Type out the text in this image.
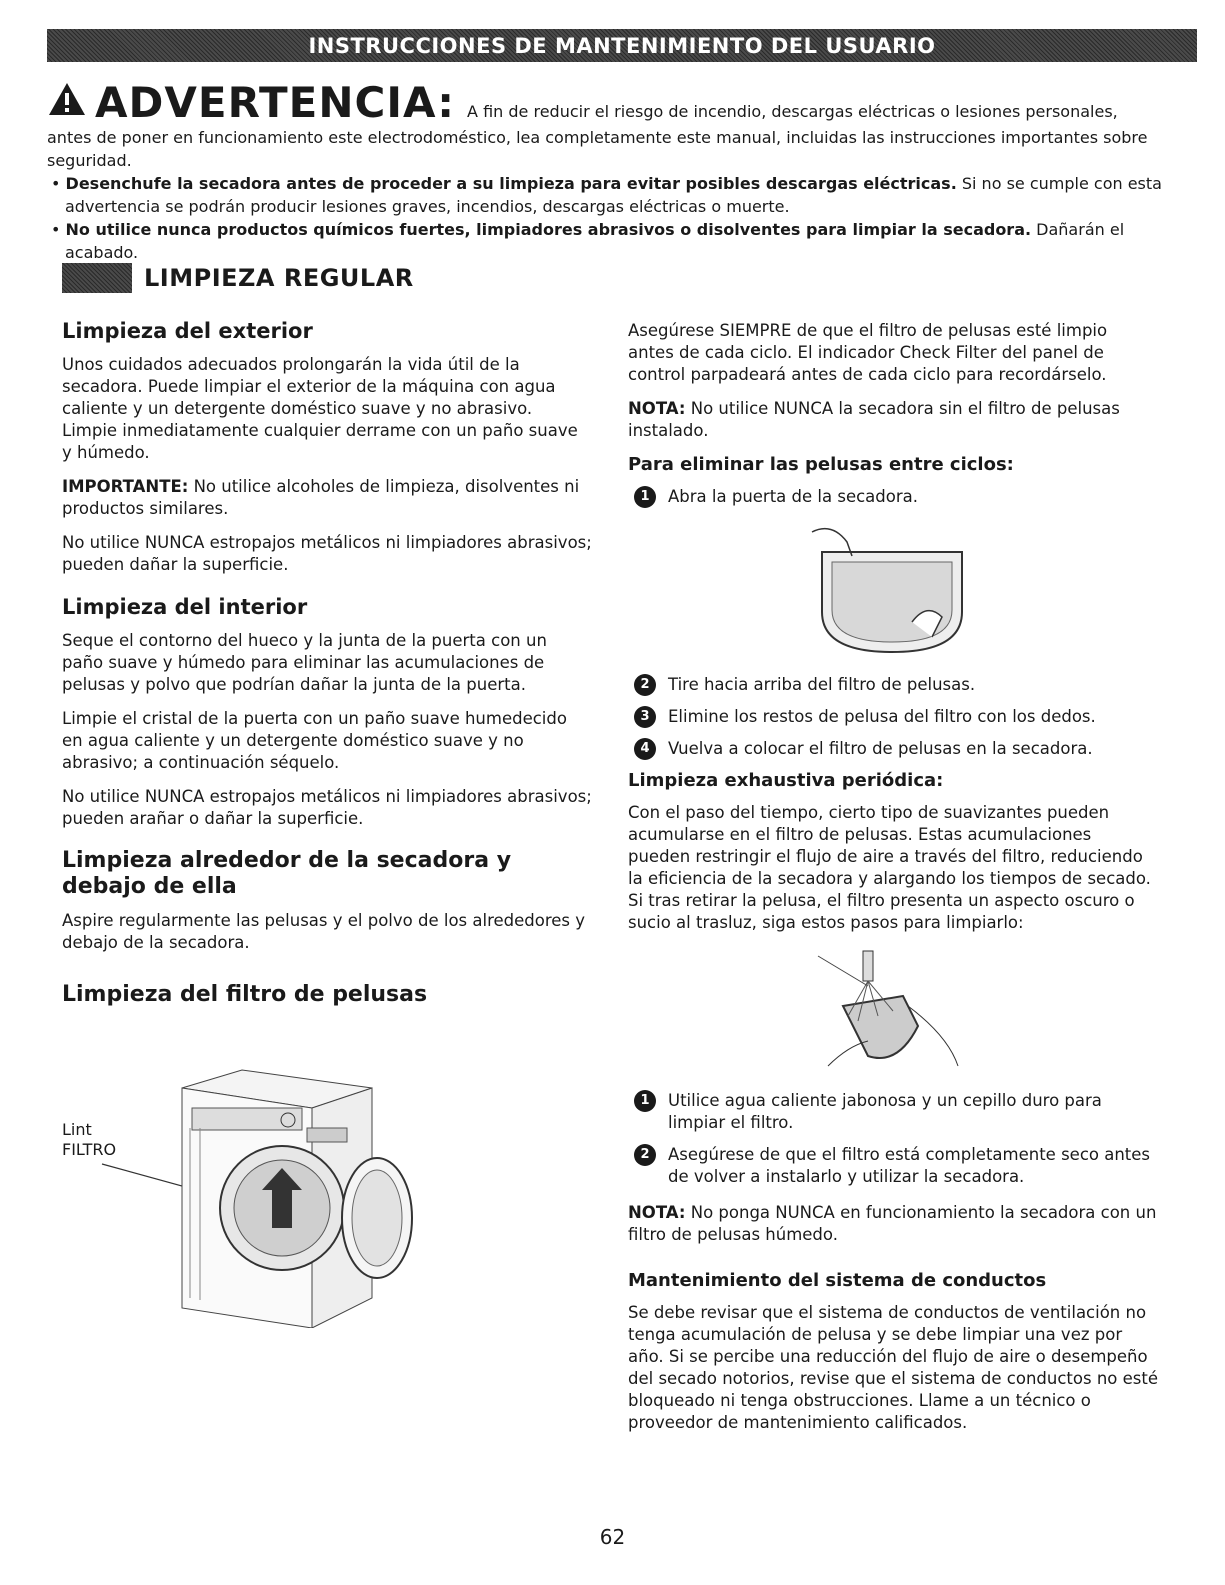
INSTRUCCIONES DE MANTENIMIENTO DEL USUARIO
ADVERTENCIA: A fin de reducir el riesgo de incendio, descargas eléctricas o lesiones personales,
antes de poner en funcionamiento este electrodoméstico, lea completamente este manual, incluidas las instrucciones importantes sobre seguridad.
• Desenchufe la secadora antes de proceder a su limpieza para evitar posibles descargas eléctricas. Si no se cumple con esta advertencia se podrán producir lesiones graves, incendios, descargas eléctricas o muerte.
• No utilice nunca productos químicos fuertes, limpiadores abrasivos o disolventes para limpiar la secadora. Dañarán el acabado.
LIMPIEZA REGULAR
Limpieza del exterior

Unos cuidados adecuados prolongarán la vida útil de la secadora. Puede limpiar el exterior de la máquina con agua caliente y un detergente doméstico suave y no abrasivo. Limpie inmediatamente cualquier derrame con un paño suave y húmedo.

IMPORTANTE: No utilice alcoholes de limpieza, disolventes ni productos similares.

No utilice NUNCA estropajos metálicos ni limpiadores abrasivos; pueden dañar la superficie.

Limpieza del interior

Seque el contorno del hueco y la junta de la puerta con un paño suave y húmedo para eliminar las acumulaciones de pelusas y polvo que podrían dañar la junta de la puerta.

Limpie el cristal de la puerta con un paño suave humedecido en agua caliente y un detergente doméstico suave y no abrasivo; a continuación séquelo.

No utilice NUNCA estropajos metálicos ni limpiadores abrasivos; pueden arañar o dañar la superficie.

Limpieza alrededor de la secadora y debajo de ella

Aspire regularmente las pelusas y el polvo de los alrededores y debajo de la secadora.

Limpieza del filtro de pelusas
Lint
FILTRO

Asegúrese SIEMPRE de que el filtro de pelusas esté limpio antes de cada ciclo. El indicador Check Filter del panel de control parpadeará antes de cada ciclo para recordárselo.

NOTA: No utilice NUNCA la secadora sin el filtro de pelusas instalado.

Para eliminar las pelusas entre ciclos:
1	Abra la puerta de la secadora.
2	Tire hacia arriba del filtro de pelusas.
3	Elimine los restos de pelusa del filtro con los dedos.
4	Vuelva a colocar el filtro de pelusas en la secadora.
Limpieza exhaustiva periódica:

Con el paso del tiempo, cierto tipo de suavizantes pueden acumularse en el filtro de pelusas. Estas acumulaciones pueden restringir el flujo de aire a través del filtro, reduciendo la eficiencia de la secadora y alargando los tiempos de secado. Si tras retirar la pelusa, el filtro presenta un aspecto oscuro o sucio al trasluz, siga estos pasos para limpiarlo:

1	Utilice agua caliente jabonosa y un cepillo duro para limpiar el filtro.
2	Asegúrese de que el filtro está completamente seco antes de volver a instalarlo y utilizar la secadora.

NOTA: No ponga NUNCA en funcionamiento la secadora con un filtro de pelusas húmedo.

Mantenimiento del sistema de conductos

Se debe revisar que el sistema de conductos de ventilación no tenga acumulación de pelusa y se debe limpiar una vez por año. Si se percibe una reducción del flujo de aire o desempeño del secado notorios, revise que el sistema de conductos no esté bloqueado ni tenga obstrucciones. Llame a un técnico o proveedor de mantenimiento calificados.

62
